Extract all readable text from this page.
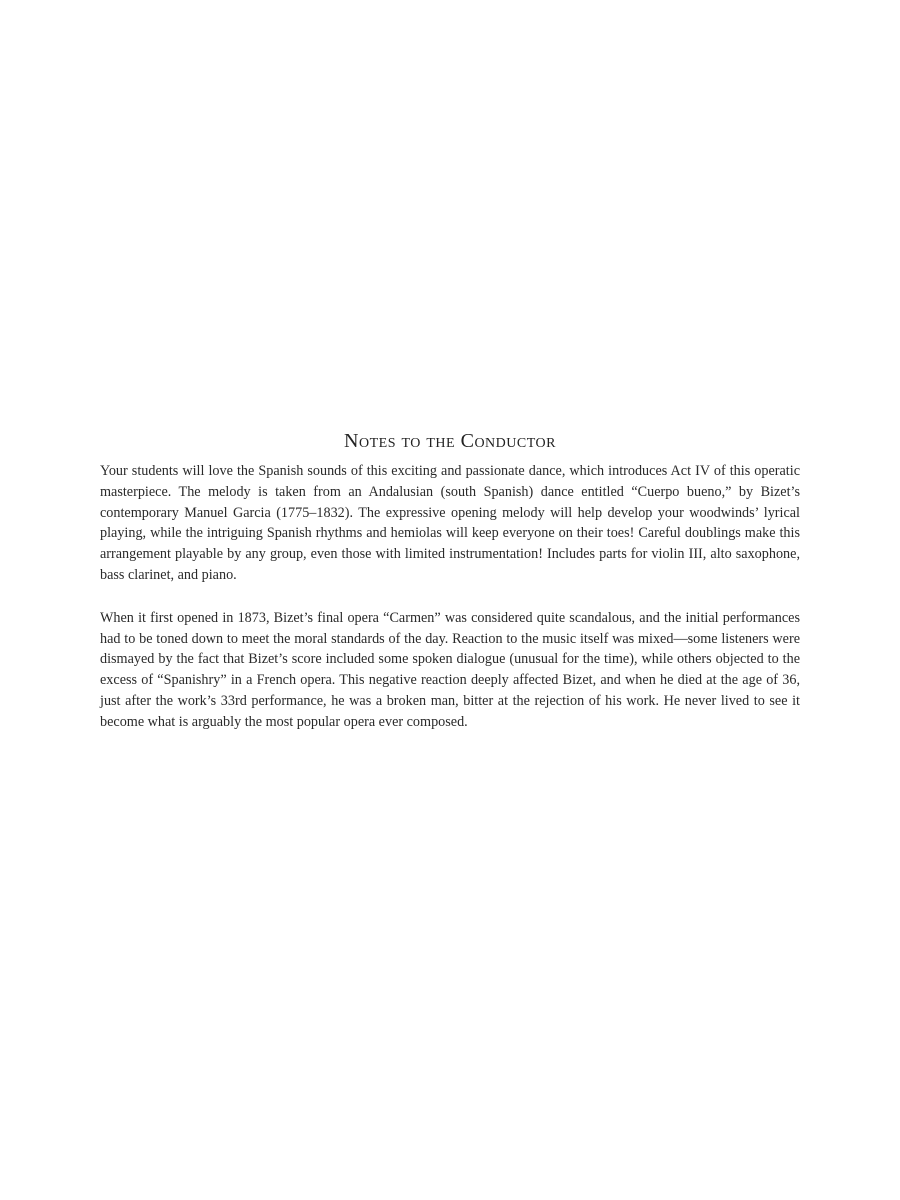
Notes to the Conductor

Your students will love the Spanish sounds of this exciting and passionate dance, which introduces Act IV of this operatic masterpiece. The melody is taken from an Andalusian (south Spanish) dance entitled “Cuerpo bueno,” by Bizet’s contemporary Manuel Garcia (1775–1832). The expressive opening melody will help develop your woodwinds’ lyrical playing, while the intriguing Spanish rhythms and hemiolas will keep everyone on their toes! Careful doublings make this arrangement playable by any group, even those with limited instrumentation! Includes parts for violin III, alto saxophone, bass clarinet, and piano.

When it first opened in 1873, Bizet’s final opera “Carmen” was considered quite scandalous, and the initial performances had to be toned down to meet the moral standards of the day. Reaction to the music itself was mixed—some listeners were dismayed by the fact that Bizet’s score included some spoken dialogue (unusual for the time), while others objected to the excess of “Spanishry” in a French opera. This negative reaction deeply affected Bizet, and when he died at the age of 36, just after the work’s 33rd performance, he was a broken man, bitter at the rejection of his work. He never lived to see it become what is arguably the most popular opera ever composed.
